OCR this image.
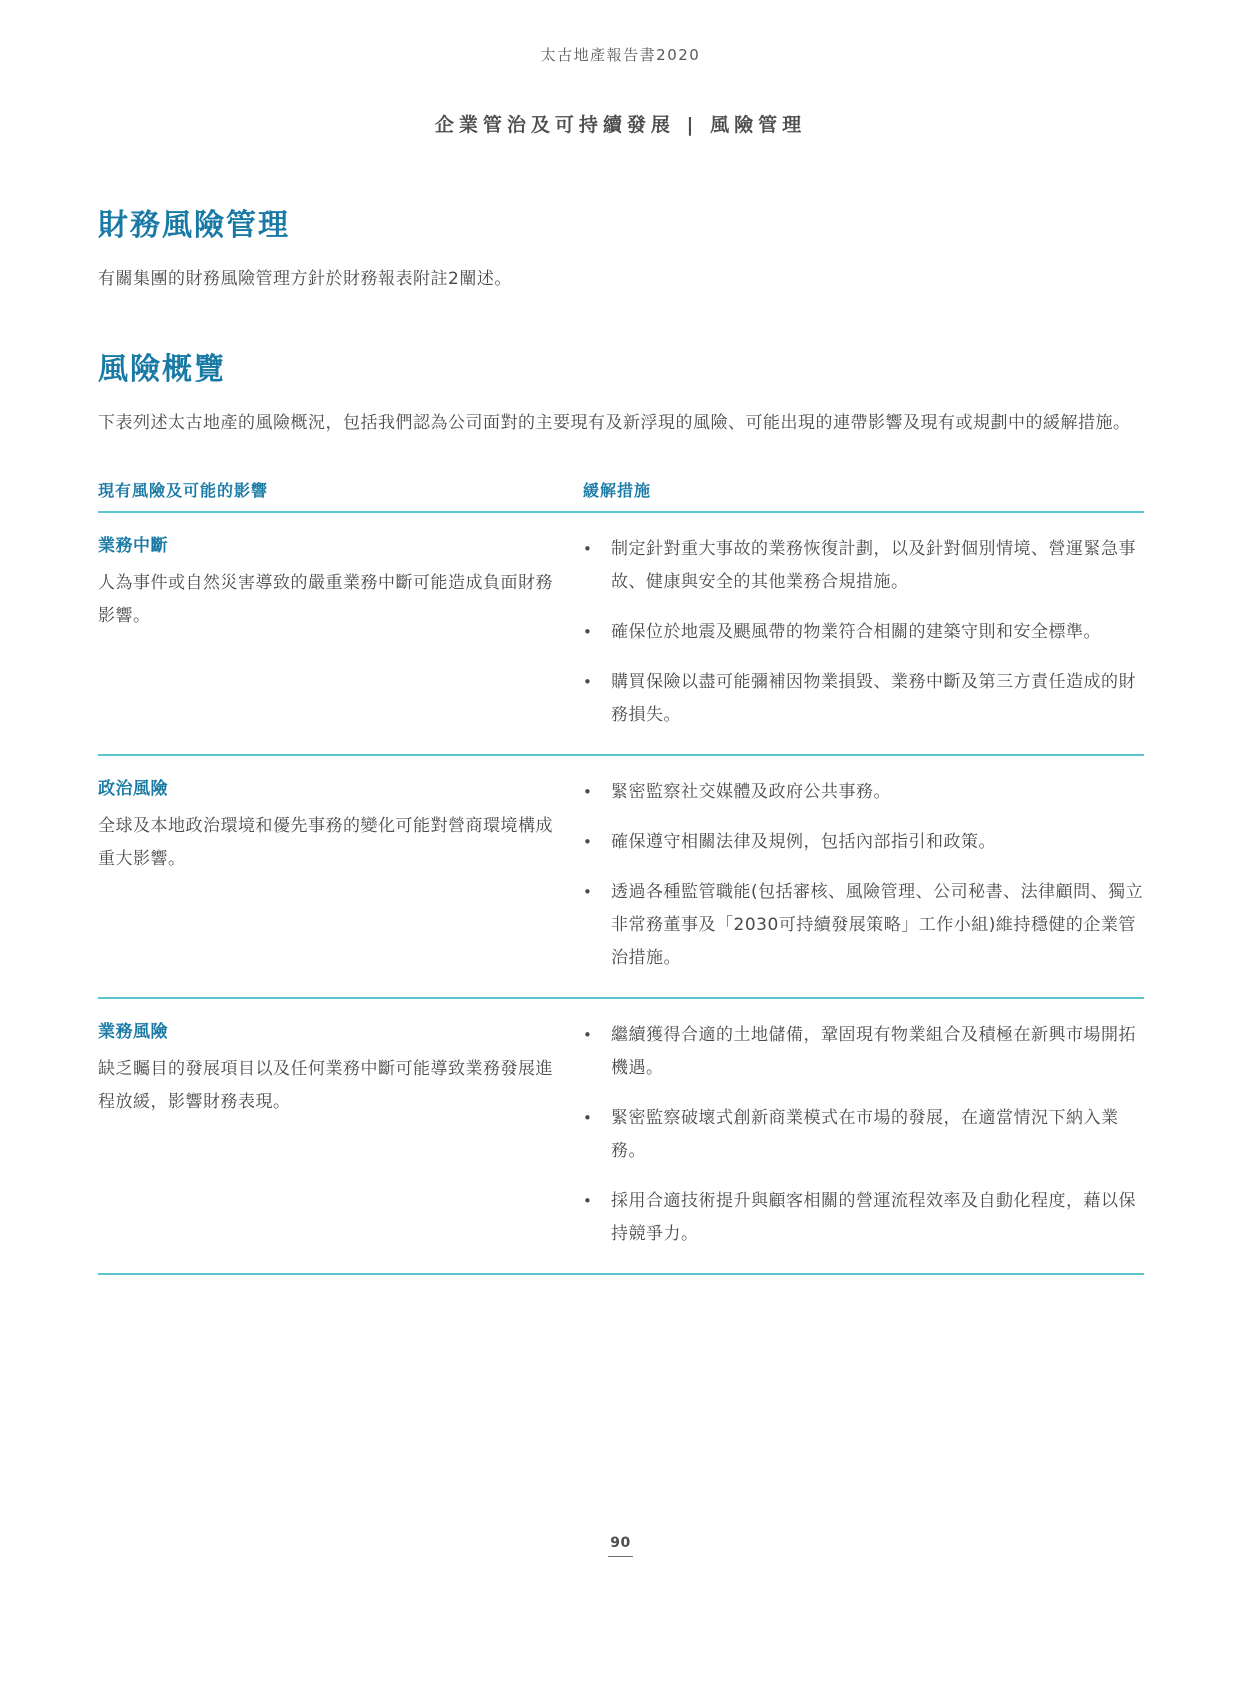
太古地產報告書2020
企業管治及可持續發展 | 風險管理
財務風險管理

有關集團的財務風險管理方針於財務報表附註2闡述。

風險概覽

下表列述太古地產的風險概況，包括我們認為公司面對的主要現有及新浮現的風險、可能出現的連帶影響及現有或規劃中的緩解措施。

現有風險及可能的影響	緩解措施

業務中斷

人為事件或自然災害導致的嚴重業務中斷可能造成負面財務影響。

•
制定針對重大事故的業務恢復計劃，以及針對個別情境、營運緊急事故、健康與安全的其他業務合規措施。
•
確保位於地震及颶風帶的物業符合相關的建築守則和安全標準。
•
購買保險以盡可能彌補因物業損毀、業務中斷及第三方責任造成的財務損失。

政治風險

全球及本地政治環境和優先事務的變化可能對營商環境構成重大影響。

•
緊密監察社交媒體及政府公共事務。
•
確保遵守相關法律及規例，包括內部指引和政策。
•
透過各種監管職能(包括審核、風險管理、公司秘書、法律顧問、獨立非常務董事及「2030可持續發展策略」工作小組)維持穩健的企業管治措施。

業務風險

缺乏矚目的發展項目以及任何業務中斷可能導致業務發展進程放緩，影響財務表現。

•
繼續獲得合適的土地儲備，鞏固現有物業組合及積極在新興市場開拓機遇。
•
緊密監察破壞式創新商業模式在市場的發展，在適當情況下納入業務。
•
採用合適技術提升與顧客相關的營運流程效率及自動化程度，藉以保持競爭力。
90
